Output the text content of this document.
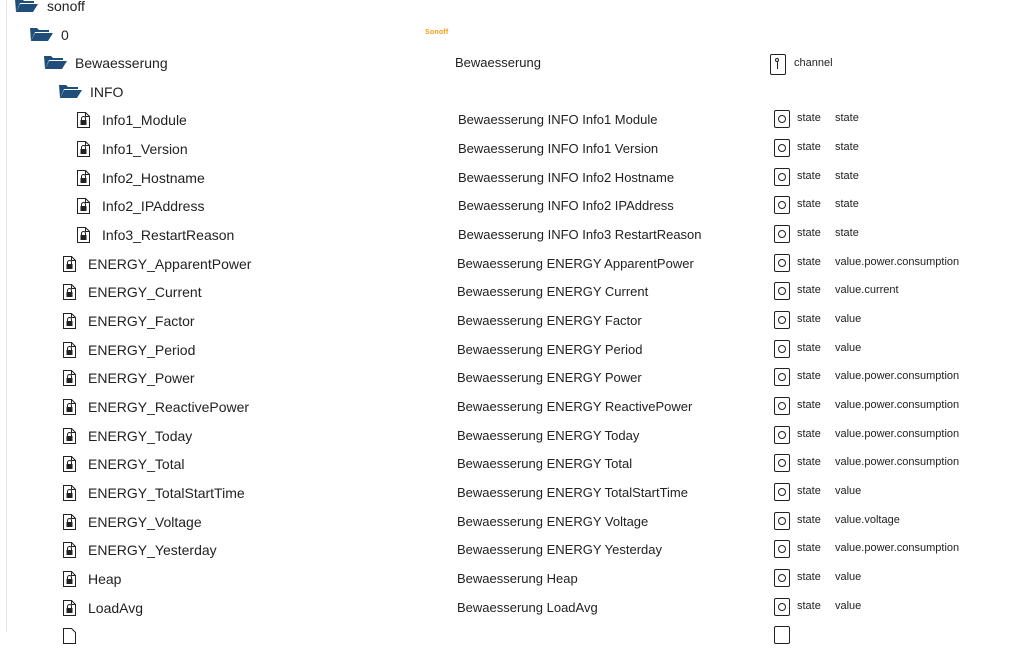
sonoff
0	Sonoff
Bewaesserung	Bewaesserung	channel
INFO
Info1_Module	Bewaesserung INFO Info1 Module	state state
Info1_Version	Bewaesserung INFO Info1 Version	state state
Info2_Hostname	Bewaesserung INFO Info2 Hostname	state state
Info2_IPAddress	Bewaesserung INFO Info2 IPAddress	state state
Info3_RestartReason	Bewaesserung INFO Info3 RestartReason	state state
ENERGY_ApparentPower	Bewaesserung ENERGY ApparentPower	state value.power.consumption
ENERGY_Current	Bewaesserung ENERGY Current	state value.current
ENERGY_Factor	Bewaesserung ENERGY Factor	state value
ENERGY_Period	Bewaesserung ENERGY Period	state value
ENERGY_Power	Bewaesserung ENERGY Power	state value.power.consumption
ENERGY_ReactivePower	Bewaesserung ENERGY ReactivePower	state value.power.consumption
ENERGY_Today	Bewaesserung ENERGY Today	state value.power.consumption
ENERGY_Total	Bewaesserung ENERGY Total	state value.power.consumption
ENERGY_TotalStartTime	Bewaesserung ENERGY TotalStartTime	state value
ENERGY_Voltage	Bewaesserung ENERGY Voltage	state value.voltage
ENERGY_Yesterday	Bewaesserung ENERGY Yesterday	state value.power.consumption
Heap	Bewaesserung Heap	state value
LoadAvg	Bewaesserung LoadAvg	state value
